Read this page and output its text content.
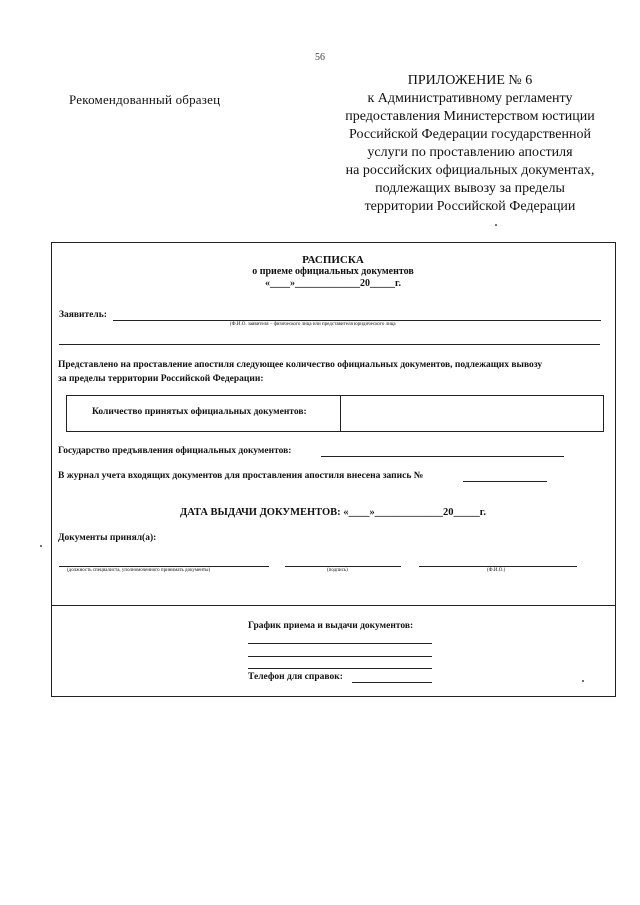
56
Рекомендованный образец
ПРИЛОЖЕНИЕ № 6
к Административному регламенту
предоставления Министерством юстиции
Российской Федерации государственной
услуги по проставлению апостиля
на российских официальных документах,
подлежащих вывозу за пределы
территории Российской Федерации
РАСПИСКА
о приеме официальных документов
«____»_____________20_____г.
Заявитель:
(Ф.И.О. заявителя – физического лица или представителя юридического лица
Представлено на проставление апостиля следующее количество официальных документов, подлежащих вывозу
за пределы территории Российской Федерации:
Количество принятых официальных документов:
Государство предъявления официальных документов:
В журнал учета входящих документов для проставления апостиля внесена запись №
ДАТА ВЫДАЧИ ДОКУМЕНТОВ: «____»_____________20_____г.
Документы принял(а):
(должность специалиста, уполномоченного принимать документы)	(подпись)	(Ф.И.О.)
График приема и выдачи документов:
Телефон для справок:
